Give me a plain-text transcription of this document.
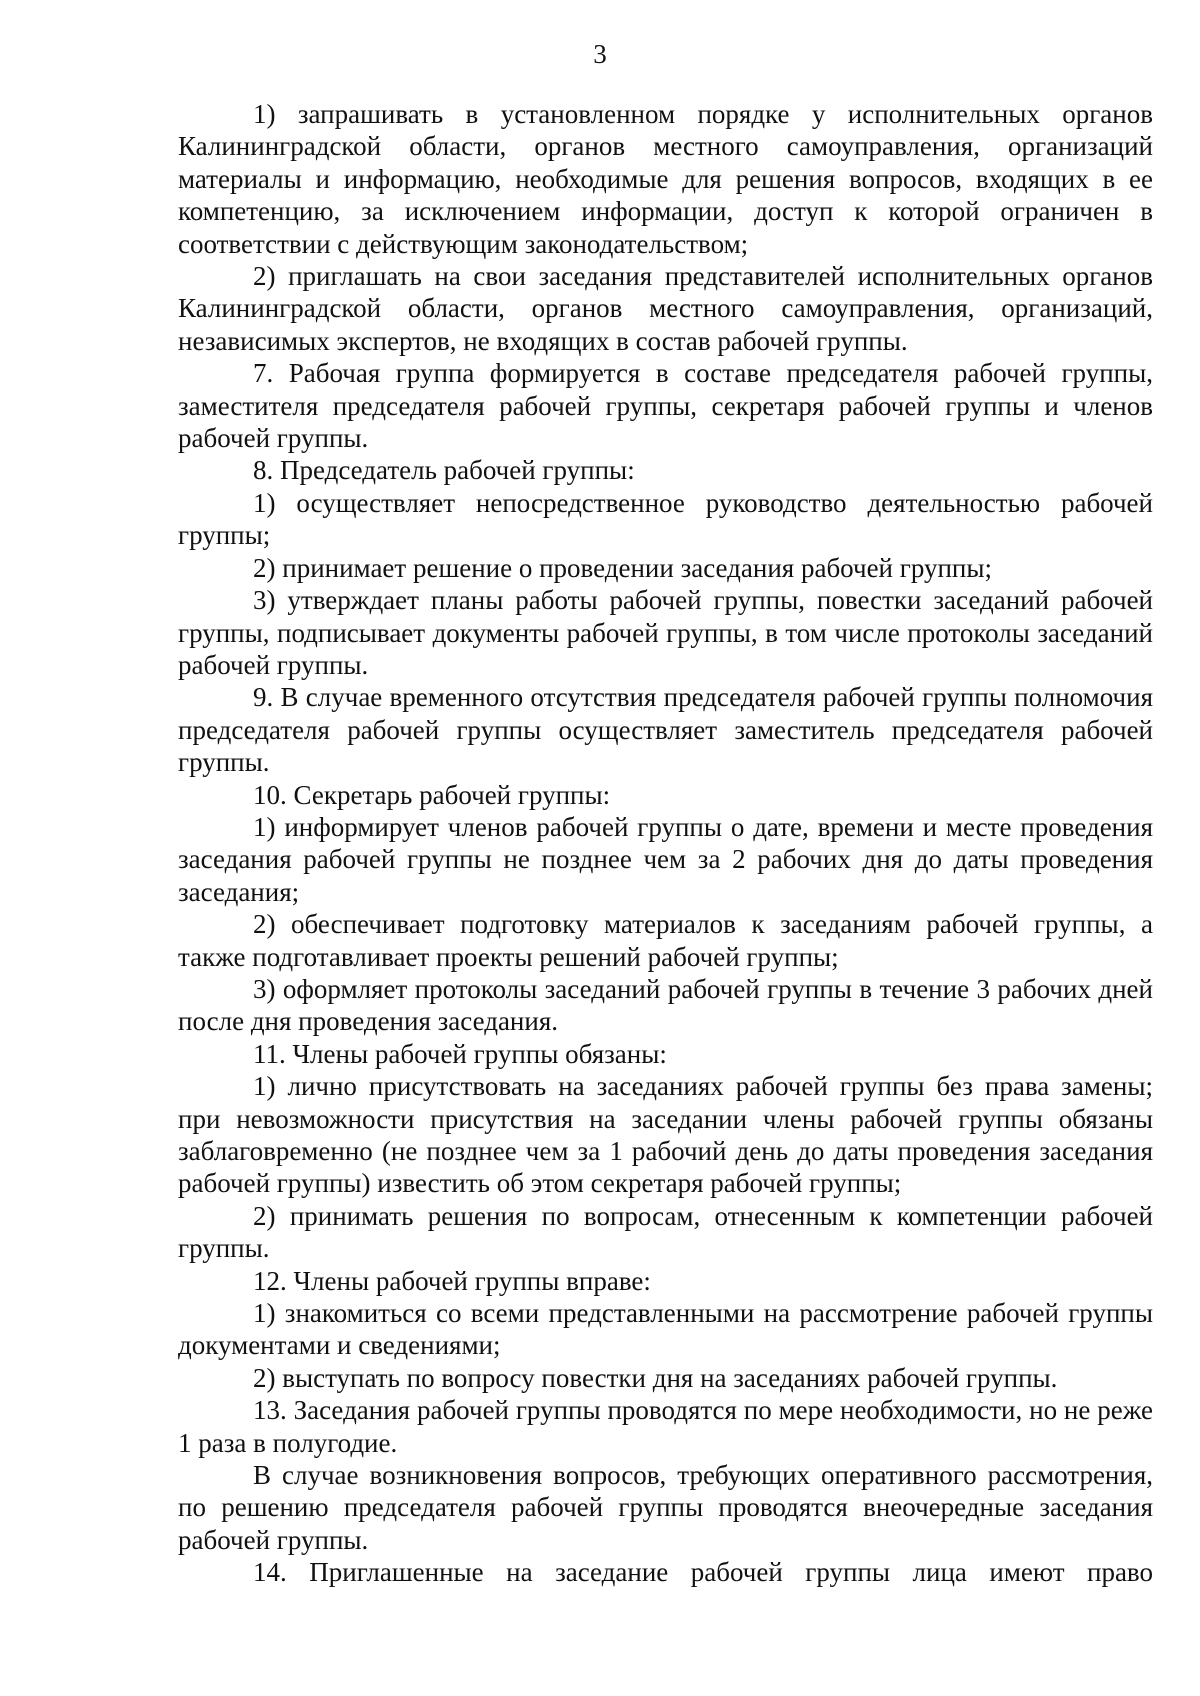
3

1) запрашивать в установленном порядке у исполнительных органов Калининградской области, органов местного самоуправления, организаций материалы и информацию, необходимые для решения вопросов, входящих в ее компетенцию, за исключением информации, доступ к которой ограничен в соответствии с действующим законодательством;

2) приглашать на свои заседания представителей исполнительных органов Калининградской области, органов местного самоуправления, организаций, независимых экспертов, не входящих в состав рабочей группы.

7. Рабочая группа формируется в составе председателя рабочей группы, заместителя председателя рабочей группы, секретаря рабочей группы и членов рабочей группы.

8. Председатель рабочей группы:

1) осуществляет непосредственное руководство деятельностью рабочей группы;

2) принимает решение о проведении заседания рабочей группы;

3) утверждает планы работы рабочей группы, повестки заседаний рабочей группы, подписывает документы рабочей группы, в том числе протоколы заседаний рабочей группы.

9. В случае временного отсутствия председателя рабочей группы полномочия председателя рабочей группы осуществляет заместитель председателя рабочей группы.

10. Секретарь рабочей группы:

1) информирует членов рабочей группы о дате, времени и месте проведения заседания рабочей группы не позднее чем за 2 рабочих дня до даты проведения заседания;

2) обеспечивает подготовку материалов к заседаниям рабочей группы, а также подготавливает проекты решений рабочей группы;

3) оформляет протоколы заседаний рабочей группы в течение 3 рабочих дней после дня проведения заседания.

11. Члены рабочей группы обязаны:

1) лично присутствовать на заседаниях рабочей группы без права замены; при невозможности присутствия на заседании члены рабочей группы обязаны заблаговременно (не позднее чем за 1 рабочий день до даты проведения заседания рабочей группы) известить об этом секретаря рабочей группы;

2) принимать решения по вопросам, отнесенным к компетенции рабочей группы.

12. Члены рабочей группы вправе:

1) знакомиться со всеми представленными на рассмотрение рабочей группы документами и сведениями;

2) выступать по вопросу повестки дня на заседаниях рабочей группы.

13. Заседания рабочей группы проводятся по мере необходимости, но не реже 1 раза в полугодие.

В случае возникновения вопросов, требующих оперативного рассмотрения, по решению председателя рабочей группы проводятся внеочередные заседания рабочей группы.

14. Приглашенные на заседание рабочей группы лица имеют право
